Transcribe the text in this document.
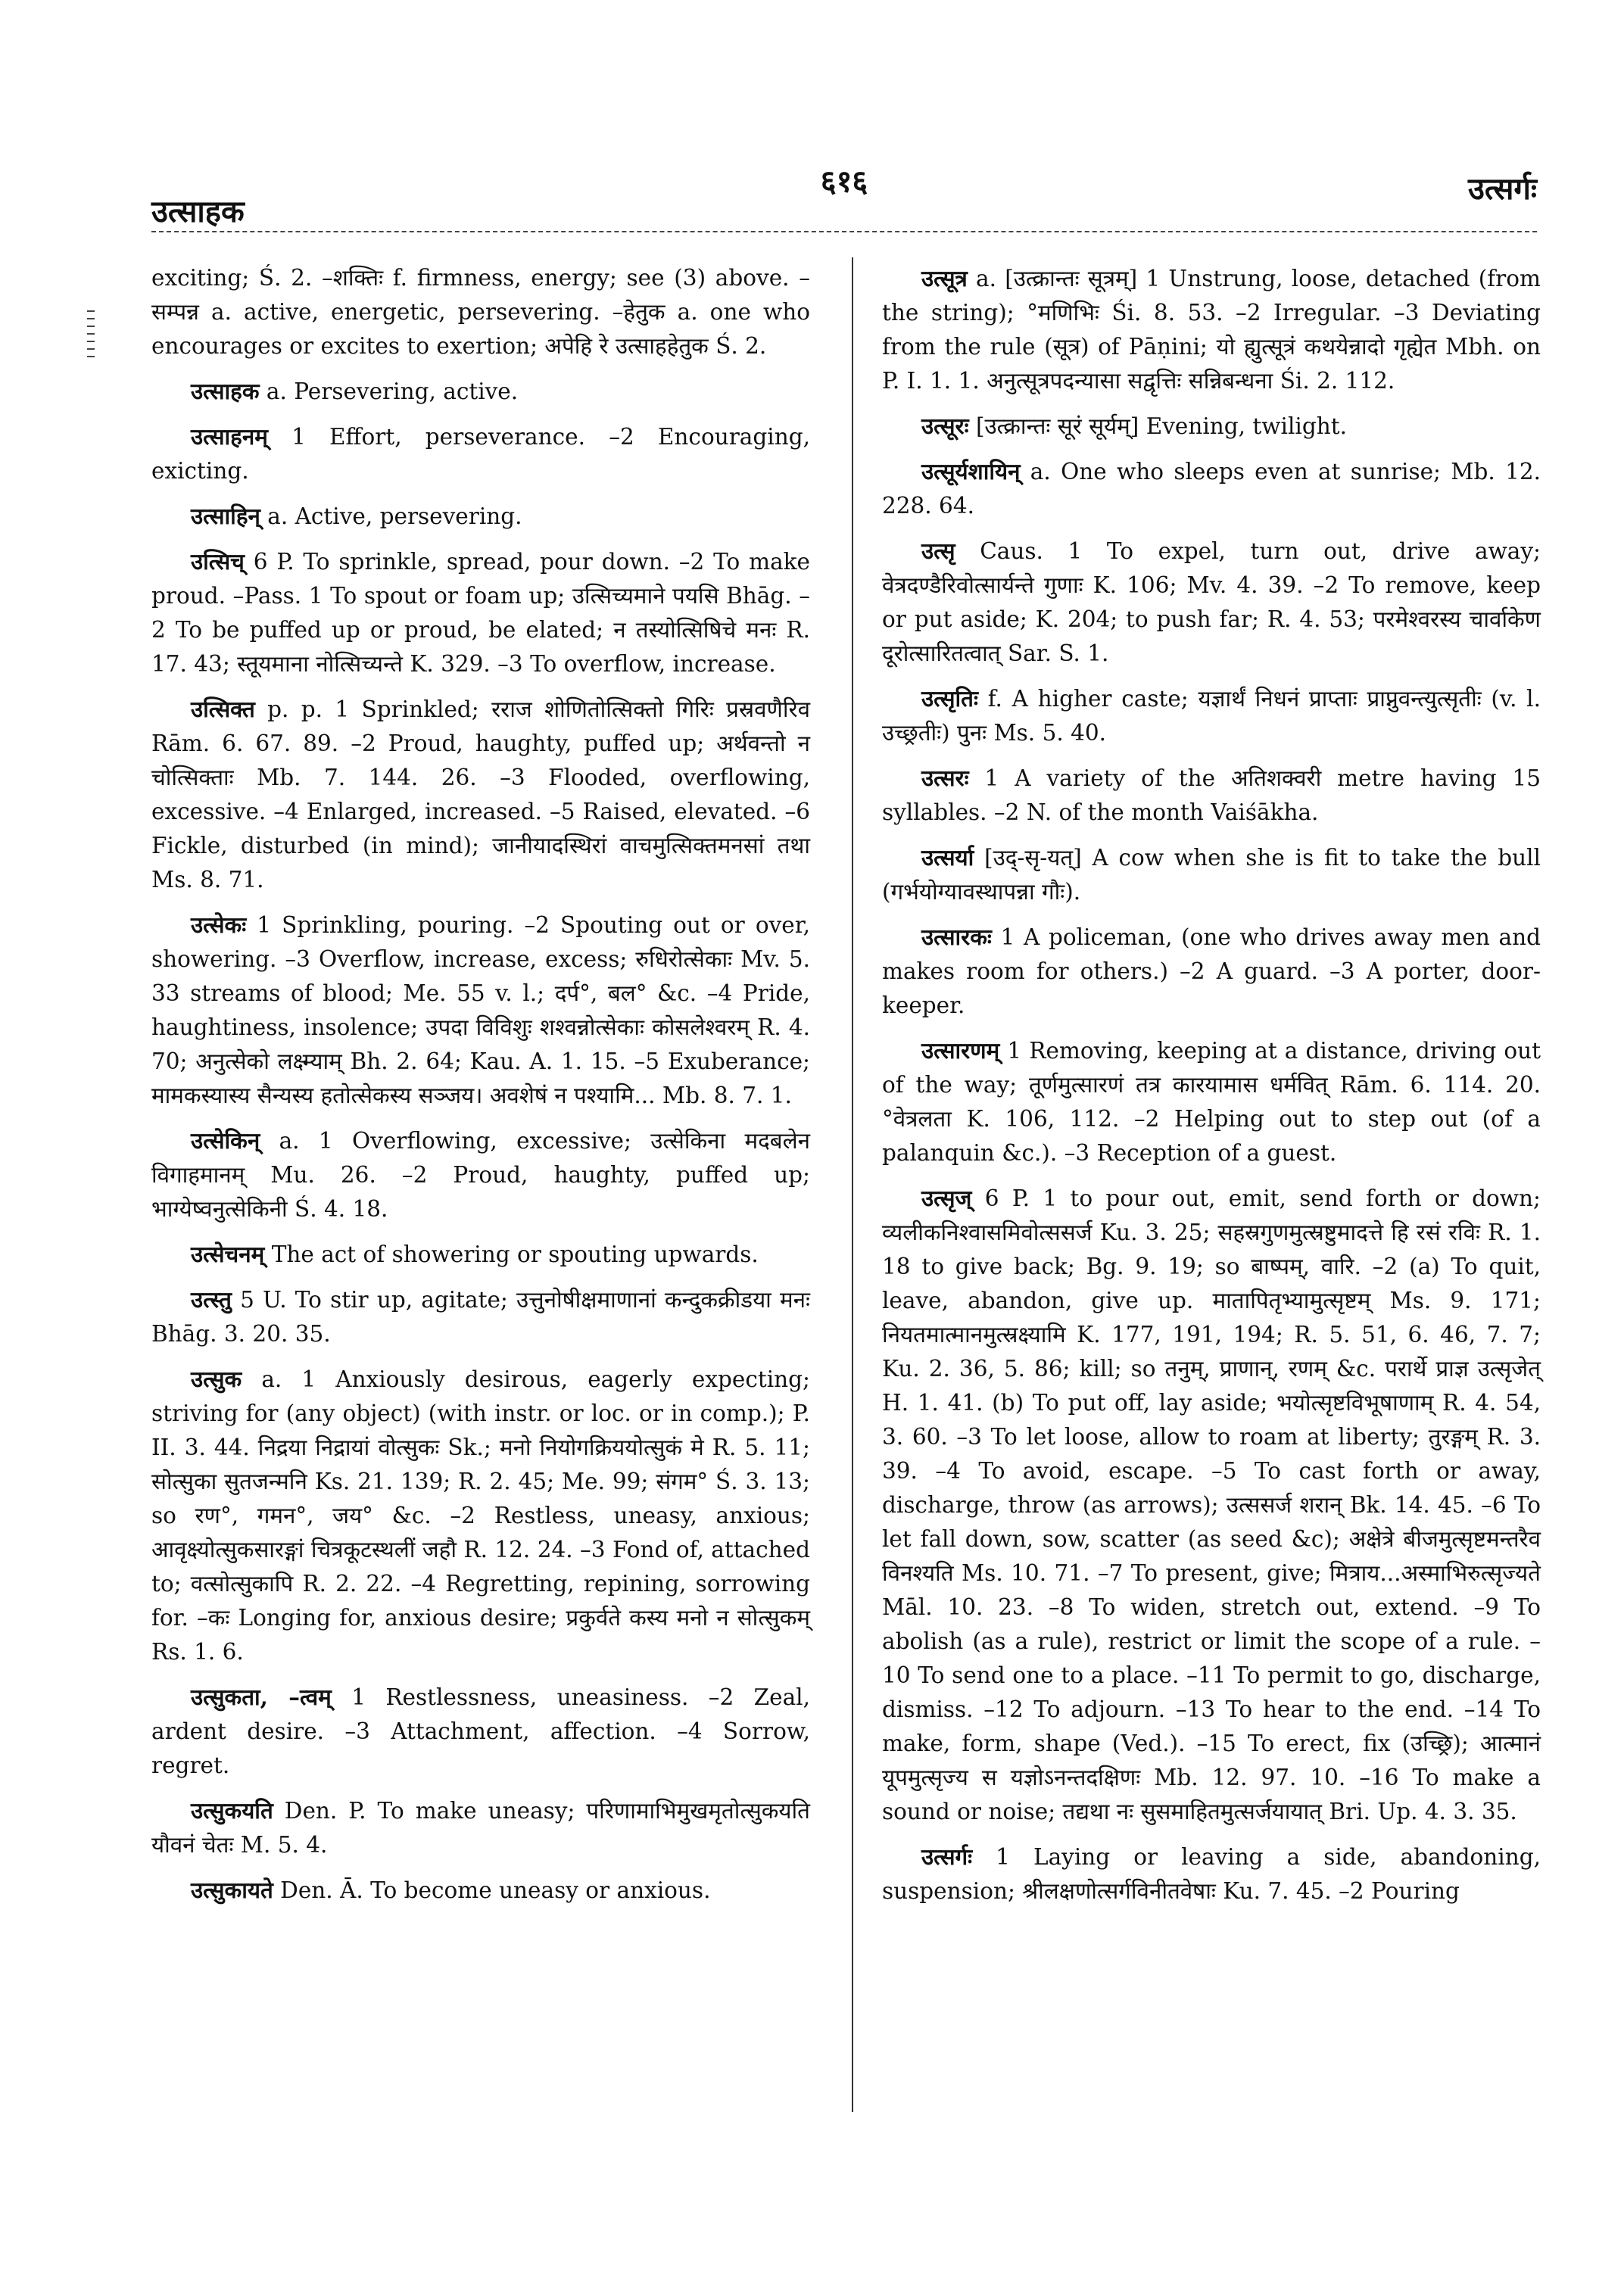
उत्साहक
६१६	उत्सर्गः

exciting; Ś. 2. –शक्तिः f. firmness, energy; see (3) above. –सम्पन्न a. active, energetic, persevering. –हेतुक a. one who encourages or excites to exertion; अपेहि रे उत्साहहेतुक Ś. 2.

उत्साहक a. Persevering, active.

उत्साहनम् 1 Effort, perseverance. –2 Encouraging, exicting.

उत्साहिन् a. Active, persevering.

उत्सिच् 6 P. To sprinkle, spread, pour down. –2 To make proud. –Pass. 1 To spout or foam up; उत्सिच्यमाने पयसि Bhāg. –2 To be puffed up or proud, be elated; न तस्योत्सिषिचे मनः R. 17. 43; स्तूयमाना नोत्सिच्यन्ते K. 329. –3 To overflow, increase.

उत्सिक्त p. p. 1 Sprinkled; रराज शोणितोत्सिक्तो गिरिः प्रस्रवणैरिव Rām. 6. 67. 89. –2 Proud, haughty, puffed up; अर्थवन्तो न चोत्सिक्ताः Mb. 7. 144. 26. –3 Flooded, overflowing, excessive. –4 Enlarged, increased. –5 Raised, elevated. –6 Fickle, disturbed (in mind); जानीयादस्थिरां वाचमुत्सिक्तमनसां तथा Ms. 8. 71.

उत्सेकः 1 Sprinkling, pouring. –2 Spouting out or over, showering. –3 Overflow, increase, excess; रुधिरोत्सेकाः Mv. 5. 33 streams of blood; Me. 55 v. l.; दर्प°, बल° &c. –4 Pride, haughtiness, insolence; उपदा विविशुः शश्वन्नोत्सेकाः कोसलेश्वरम् R. 4. 70; अनुत्सेको लक्ष्म्याम् Bh. 2. 64; Kau. A. 1. 15. –5 Exuberance; मामकस्यास्य सैन्यस्य हतोत्सेकस्य सञ्जय। अवशेषं न पश्यामि... Mb. 8. 7. 1.

उत्सेकिन् a. 1 Overflowing, excessive; उत्सेकिना मदबलेन विगाहमानम् Mu. 26. –2 Proud, haughty, puffed up; भाग्येष्वनुत्सेकिनी Ś. 4. 18.

उत्सेचनम् The act of showering or spouting upwards.

उत्स्तु 5 U. To stir up, agitate; उत्तुनोषीक्षमाणानां कन्दुकक्रीडया मनः Bhāg. 3. 20. 35.

उत्सुक a. 1 Anxiously desirous, eagerly expecting; striving for (any object) (with instr. or loc. or in comp.); P. II. 3. 44. निद्रया निद्रायां वोत्सुकः Sk.; मनो नियोगक्रिययोत्सुकं मे R. 5. 11; सोत्सुका सुतजन्मनि Ks. 21. 139; R. 2. 45; Me. 99; संगम° Ś. 3. 13; so रण°, गमन°, जय° &c. –2 Restless, uneasy, anxious; आवृक्ष्योत्सुकसारङ्गां चित्रकूटस्थलीं जहौ R. 12. 24. –3 Fond of, attached to; वत्सोत्सुकापि R. 2. 22. –4 Regretting, repining, sorrowing for. –कः Longing for, anxious desire; प्रकुर्वते कस्य मनो न सोत्सुकम् Rs. 1. 6.

उत्सुकता, –त्वम् 1 Restlessness, uneasiness. –2 Zeal, ardent desire. –3 Attachment, affection. –4 Sorrow, regret.

उत्सुकयति Den. P. To make uneasy; परिणामाभिमुखमृतोत्सुकयति यौवनं चेतः M. 5. 4.

उत्सुकायते Den. Ā. To become uneasy or anxious.

उत्सूत्र a. [उत्क्रान्तः सूत्रम्] 1 Unstrung, loose, detached (from the string); °मणिभिः Śi. 8. 53. –2 Irregular. –3 Deviating from the rule (सूत्र) of Pāṇini; यो ह्युत्सूत्रं कथयेन्नादो गृह्येत Mbh. on P. I. 1. 1. अनुत्सूत्रपदन्यासा सद्वृत्तिः सन्निबन्धना Śi. 2. 112.

उत्सूरः [उत्क्रान्तः सूरं सूर्यम्] Evening, twilight.

उत्सूर्यशायिन् a. One who sleeps even at sunrise; Mb. 12. 228. 64.

उत्सृ Caus. 1 To expel, turn out, drive away; वेत्रदण्डैरिवोत्सार्यन्ते गुणाः K. 106; Mv. 4. 39. –2 To remove, keep or put aside; K. 204; to push far; R. 4. 53; परमेश्वरस्य चार्वाकेण दूरोत्सारितत्वात् Sar. S. 1.

उत्सृतिः f. A higher caste; यज्ञार्थं निधनं प्राप्ताः प्राप्नुवन्त्युत्सृतीः (v. l. उच्छ्रतीः) पुनः Ms. 5. 40.

उत्सरः 1 A variety of the अतिशक्वरी metre having 15 syllables. –2 N. of the month Vaiśākha.

उत्सर्या [उद्-सृ-यत्] A cow when she is fit to take the bull (गर्भयोग्यावस्थापन्ना गौः).

उत्सारकः 1 A policeman, (one who drives away men and makes room for others.) –2 A guard. –3 A porter, door-keeper.

उत्सारणम् 1 Removing, keeping at a distance, driving out of the way; तूर्णमुत्सारणं तत्र कारयामास धर्मवित् Rām. 6. 114. 20. °वेत्रलता K. 106, 112. –2 Helping out to step out (of a palanquin &c.). –3 Reception of a guest.

उत्सृज् 6 P. 1 to pour out, emit, send forth or down; व्यलीकनिश्वासमिवोत्ससर्ज Ku. 3. 25; सहस्रगुणमुत्स्रष्टुमादत्ते हि रसं रविः R. 1. 18 to give back; Bg. 9. 19; so बाष्पम्, वारि. –2 (a) To quit, leave, abandon, give up. मातापितृभ्यामुत्सृष्टम् Ms. 9. 171; नियतमात्मानमुत्स्रक्ष्यामि K. 177, 191, 194; R. 5. 51, 6. 46, 7. 7; Ku. 2. 36, 5. 86; kill; so तनुम्, प्राणान्, रणम् &c. परार्थे प्राज्ञ उत्सृजेत् H. 1. 41. (b) To put off, lay aside; भयोत्सृष्टविभूषाणाम् R. 4. 54, 3. 60. –3 To let loose, allow to roam at liberty; तुरङ्गम् R. 3. 39. –4 To avoid, escape. –5 To cast forth or away, discharge, throw (as arrows); उत्ससर्ज शरान् Bk. 14. 45. –6 To let fall down, sow, scatter (as seed &c); अक्षेत्रे बीजमुत्सृष्टमन्तरैव विनश्यति Ms. 10. 71. –7 To present, give; मित्राय...अस्माभिरुत्सृज्यते Māl. 10. 23. –8 To widen, stretch out, extend. –9 To abolish (as a rule), restrict or limit the scope of a rule. –10 To send one to a place. –11 To permit to go, discharge, dismiss. –12 To adjourn. –13 To hear to the end. –14 To make, form, shape (Ved.). –15 To erect, fix (उच्छ्रि); आत्मानं यूपमुत्सृज्य स यज्ञोऽनन्तदक्षिणः Mb. 12. 97. 10. –16 To make a sound or noise; तद्यथा नः सुसमाहितमुत्सर्जयायात् Bri. Up. 4. 3. 35.

उत्सर्गः 1 Laying or leaving a side, abandoning, suspension; श्रीलक्षणोत्सर्गविनीतवेषाः Ku. 7. 45. –2 Pouring
